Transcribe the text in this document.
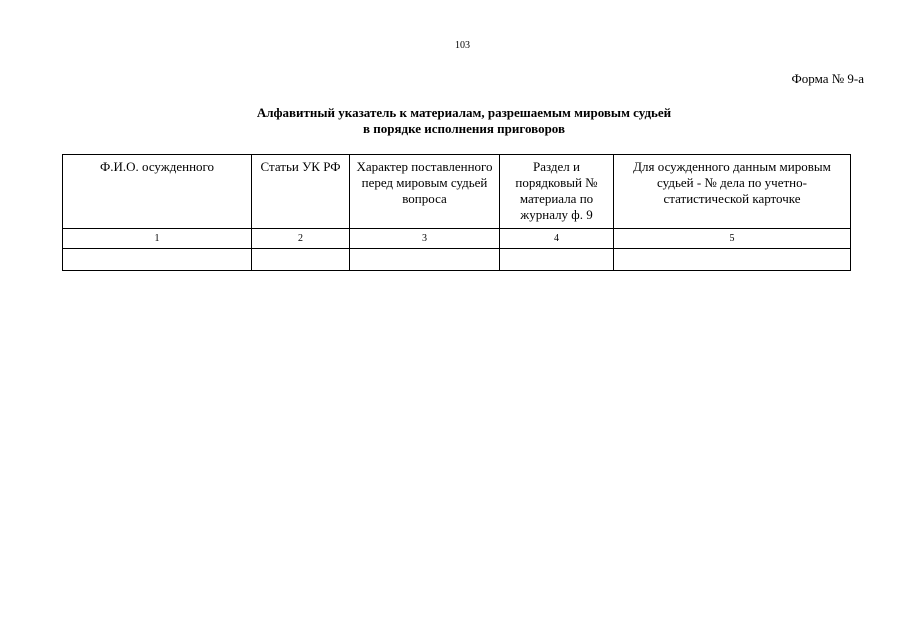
103
Форма № 9-а
Алфавитный указатель к материалам, разрешаемым мировым судьей
в порядке исполнения приговоров
Ф.И.О. осужденного	Статьи УК РФ	Характер поставленного перед мировым судьей вопроса	Раздел и порядковый № материала по журналу ф. 9	Для осужденного данным мировым судьей - № дела по учетно-статистической карточке

1	2	3	4	5
